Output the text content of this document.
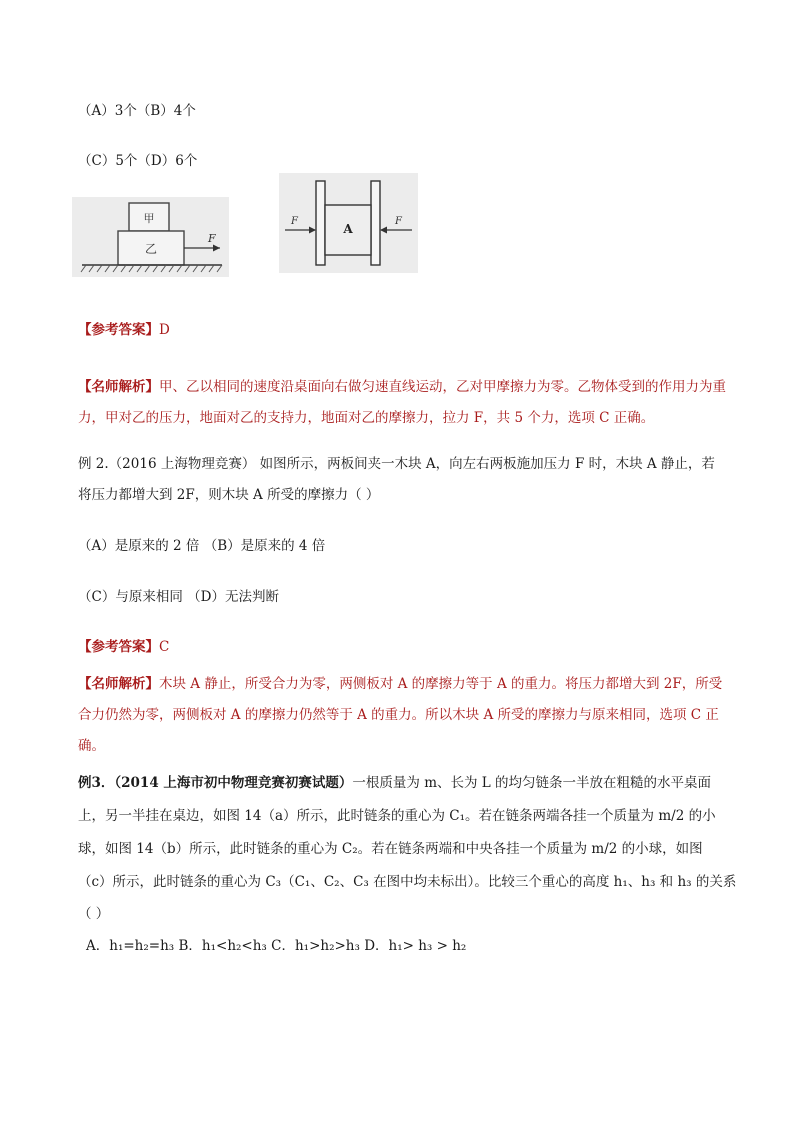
（A）3个（B）4个
（C）5个（D）6个
甲
乙
F
A
F	F
【参考答案】D
【名师解析】甲、乙以相同的速度沿桌面向右做匀速直线运动，乙对甲摩擦力为零。乙物体受到的作用力为重力，甲对乙的压力，地面对乙的支持力，地面对乙的摩擦力，拉力 F，共 5 个力，选项 C 正确。
例 2.（2016 上海物理竞赛） 如图所示，两板间夹一木块 A，向左右两板施加压力 F 时，木块 A 静止，若
将压力都增大到 2F，则木块 A 所受的摩擦力（ ）
（A）是原来的 2 倍 （B）是原来的 4 倍
（C）与原来相同 （D）无法判断
【参考答案】C
【名师解析】木块 A 静止，所受合力为零，两侧板对 A 的摩擦力等于 A 的重力。将压力都增大到 2F，所受合力仍然为零，两侧板对 A 的摩擦力仍然等于 A 的重力。所以木块 A 所受的摩擦力与原来相同，选项 C 正确。
例3．（2014 上海市初中物理竞赛初赛试题）一根质量为 m、长为 L 的均匀链条一半放在粗糙的水平桌面
上，另一半挂在桌边，如图 14（a）所示，此时链条的重心为 C₁。若在链条两端各挂一个质量为 m/2 的小
球，如图 14（b）所示，此时链条的重心为 C₂。若在链条两端和中央各挂一个质量为 m/2 的小球，如图
（c）所示，此时链条的重心为 C₃（C₁、C₂、C₃ 在图中均未标出）。比较三个重心的高度 h₁、h₃ 和 h₃ 的关系
（ ）
A．h₁=h₂=h₃ B．h₁<h₂<h₃ C．h₁>h₂>h₃ D．h₁> h₃ > h₂
